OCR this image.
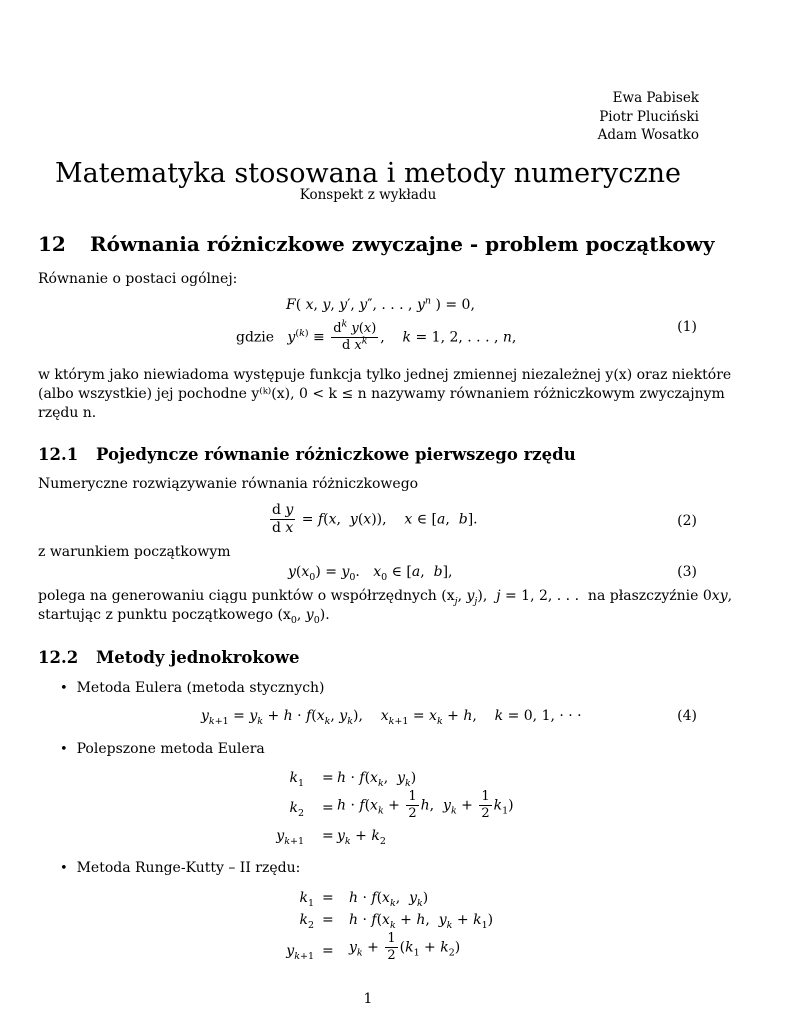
Ewa Pabisek
Piotr Pluciński
Adam Wosatko
Matematyka stosowana i metody numeryczne
Konspekt z wykładu
12 Równania różniczkowe zwyczajne - problem początkowy
Równanie o postaci ogólnej:
F( x, y, y′, y″, . . . , $y^n$ ) = 0,
gdzie $y^{(k)} \equiv \frac{d^k y(x)}{d x^k}$ ,    k = 1, 2, . . . , n,
(1)
w którym jako niewiadoma występuje funkcja tylko jednej zmiennej niezależnej y(x) oraz niektóre
(albo wszystkie) jej pochodne y⁽ᵏ⁾(x), 0 < k ≤ n nazywamy równaniem różniczkowym zwyczajnym
rzędu n.
12.1 Pojedyncze równanie różniczkowe pierwszego rzędu
Numeryczne rozwiązywanie równania różniczkowego
$\frac{\text{d y}}{\text{d x}} = f(x$,  y(x)),    x ∈ [a,  b].	(2)
z warunkiem początkowym
$y(x_0) = y_0$.   $x_0$ ∈ [a,  b],	(3)
polega na generowaniu ciągu punktów o współrzędnych ($x_j$, $y_j$),  j = 1, 2, . . .  na płaszczyźnie 0xy,
startując z punktu początkowego ($x_0$, $y_0$).
12.2 Metody jednokrokowe
• Metoda Eulera (metoda stycznych)
$y_{k+1} = y_k + h \cdot f(x_k$, $y_k$),    $x_{k+1} = x_k + h$,    k = 0, 1, · · ·	(4)
• Polepszone metoda Eulera
$k_1 = h \cdot f(x_k$,  $y_k$)
$k_2 = h \cdot f(x_k + \frac{1}{2} h$,  $y_k + \frac{1}{2} k_1$)
$y_{k+1} = y_k + k_2$
• Metoda Runge-Kutty – II rzędu:
$k_1 = h \cdot f(x_k$,  $y_k$)
$k_2 = h \cdot f(x_k + h$,  $y_k + k_1$)
$y_{k+1} = y_k + \frac{1}{2} (k_1 + k_2)$
1
